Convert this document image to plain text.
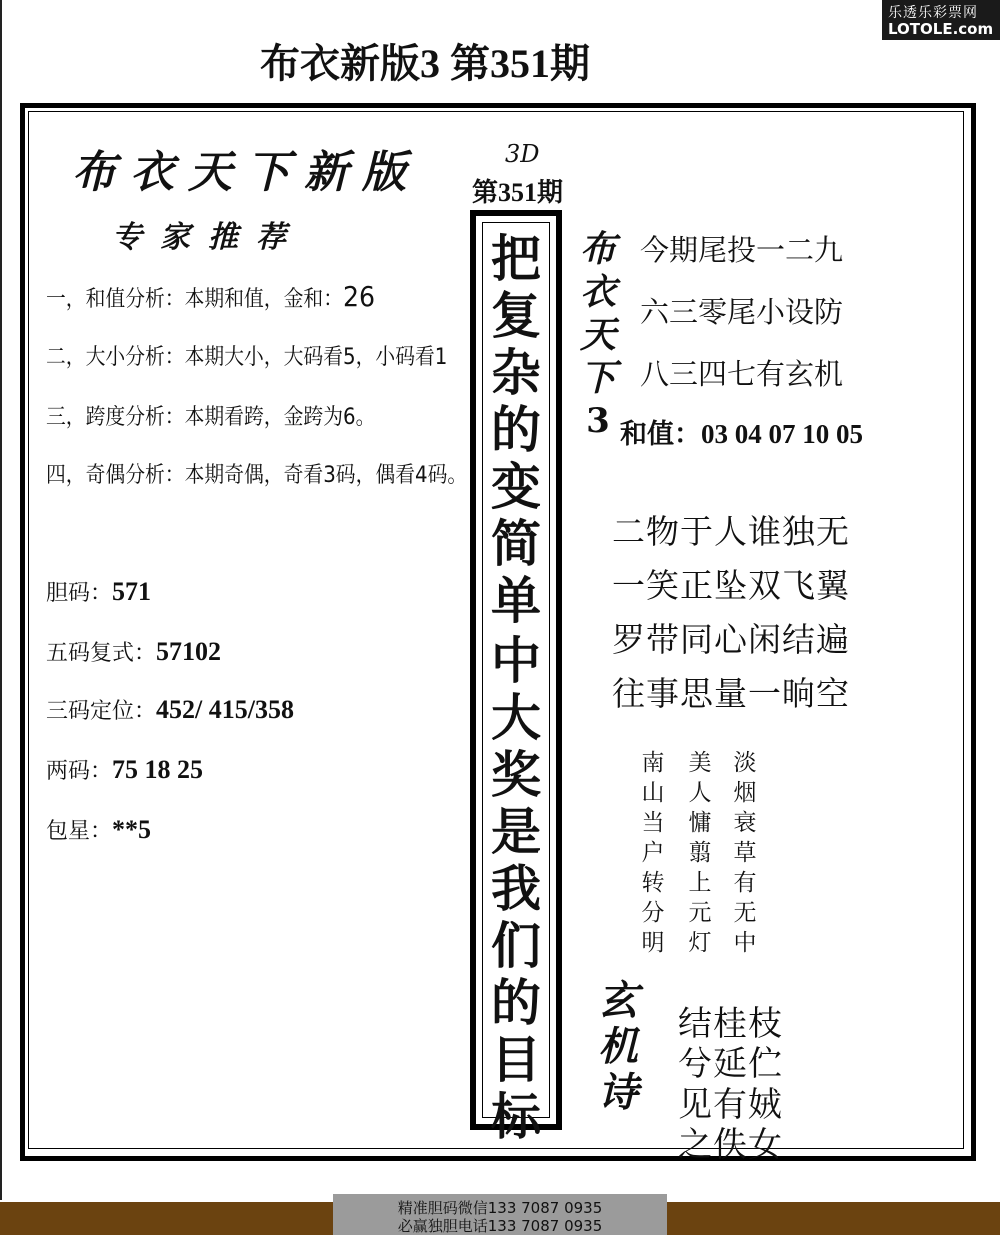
乐透乐彩票网
LOTOLE.com
布衣新版3 第351期
布衣天下新版
专家推荐
一，和值分析：本期和值，金和：26
二，大小分析：本期大小，大码看5，小码看1
三，跨度分析：本期看跨，金跨为6。
四，奇偶分析：本期奇偶，奇看3码，偶看4码。
胆码：571
五码复式：57102
三码定位：452/ 415/358
两码：75 18 25
包星：**5
3D
第351期
把
复
杂
的
变
简
单
中
大
奖
是
我
们
的
目
标
布
衣
天
下
3
今期尾投一二九
六三零尾小设防
八三四七有玄机
和值：03 04 07 10 05
二物于人谁独无
一笑正坠双飞翼
罗带同心闲结遍
往事思量一晌空
南
山
当
户
转
分
明
美
人
慵
翦
上
元
灯
淡
烟
衰
草
有
无
中
玄
机
诗
结桂枝
兮延伫
见有娀
之佚女
精准胆码微信133 7087 0935
必赢独胆电话133 7087 0935
